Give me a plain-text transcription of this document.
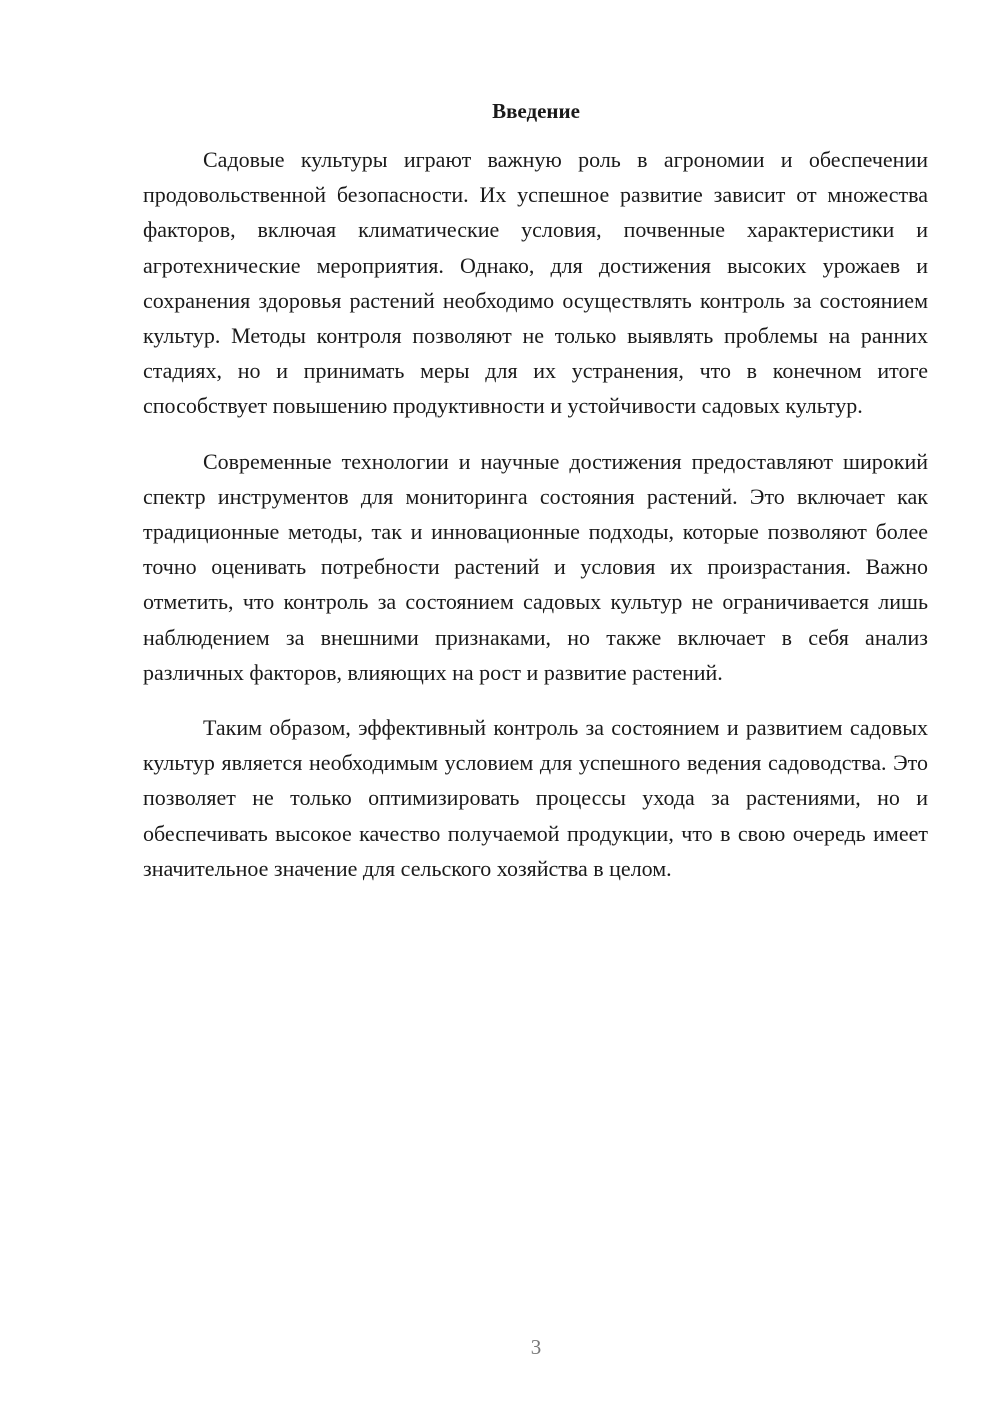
Введение

Садовые культуры играют важную роль в агрономии и обеспечении продовольственной безопасности. Их успешное развитие зависит от множества факторов, включая климатические условия, почвенные характеристики и агротехнические мероприятия. Однако, для достижения высоких урожаев и сохранения здоровья растений необходимо осуществлять контроль за состоянием культур. Методы контроля позволяют не только выявлять проблемы на ранних стадиях, но и принимать меры для их устранения, что в конечном итоге способствует повышению продуктивности и устойчивости садовых культур.

Современные технологии и научные достижения предоставляют широкий спектр инструментов для мониторинга состояния растений. Это включает как традиционные методы, так и инновационные подходы, которые позволяют более точно оценивать потребности растений и условия их произрастания. Важно отметить, что контроль за состоянием садовых культур не ограничивается лишь наблюдением за внешними признаками, но также включает в себя анализ различных факторов, влияющих на рост и развитие растений.

Таким образом, эффективный контроль за состоянием и развитием садовых культур является необходимым условием для успешного ведения садоводства. Это позволяет не только оптимизировать процессы ухода за растениями, но и обеспечивать высокое качество получаемой продукции, что в свою очередь имеет значительное значение для сельского хозяйства в целом.

3
